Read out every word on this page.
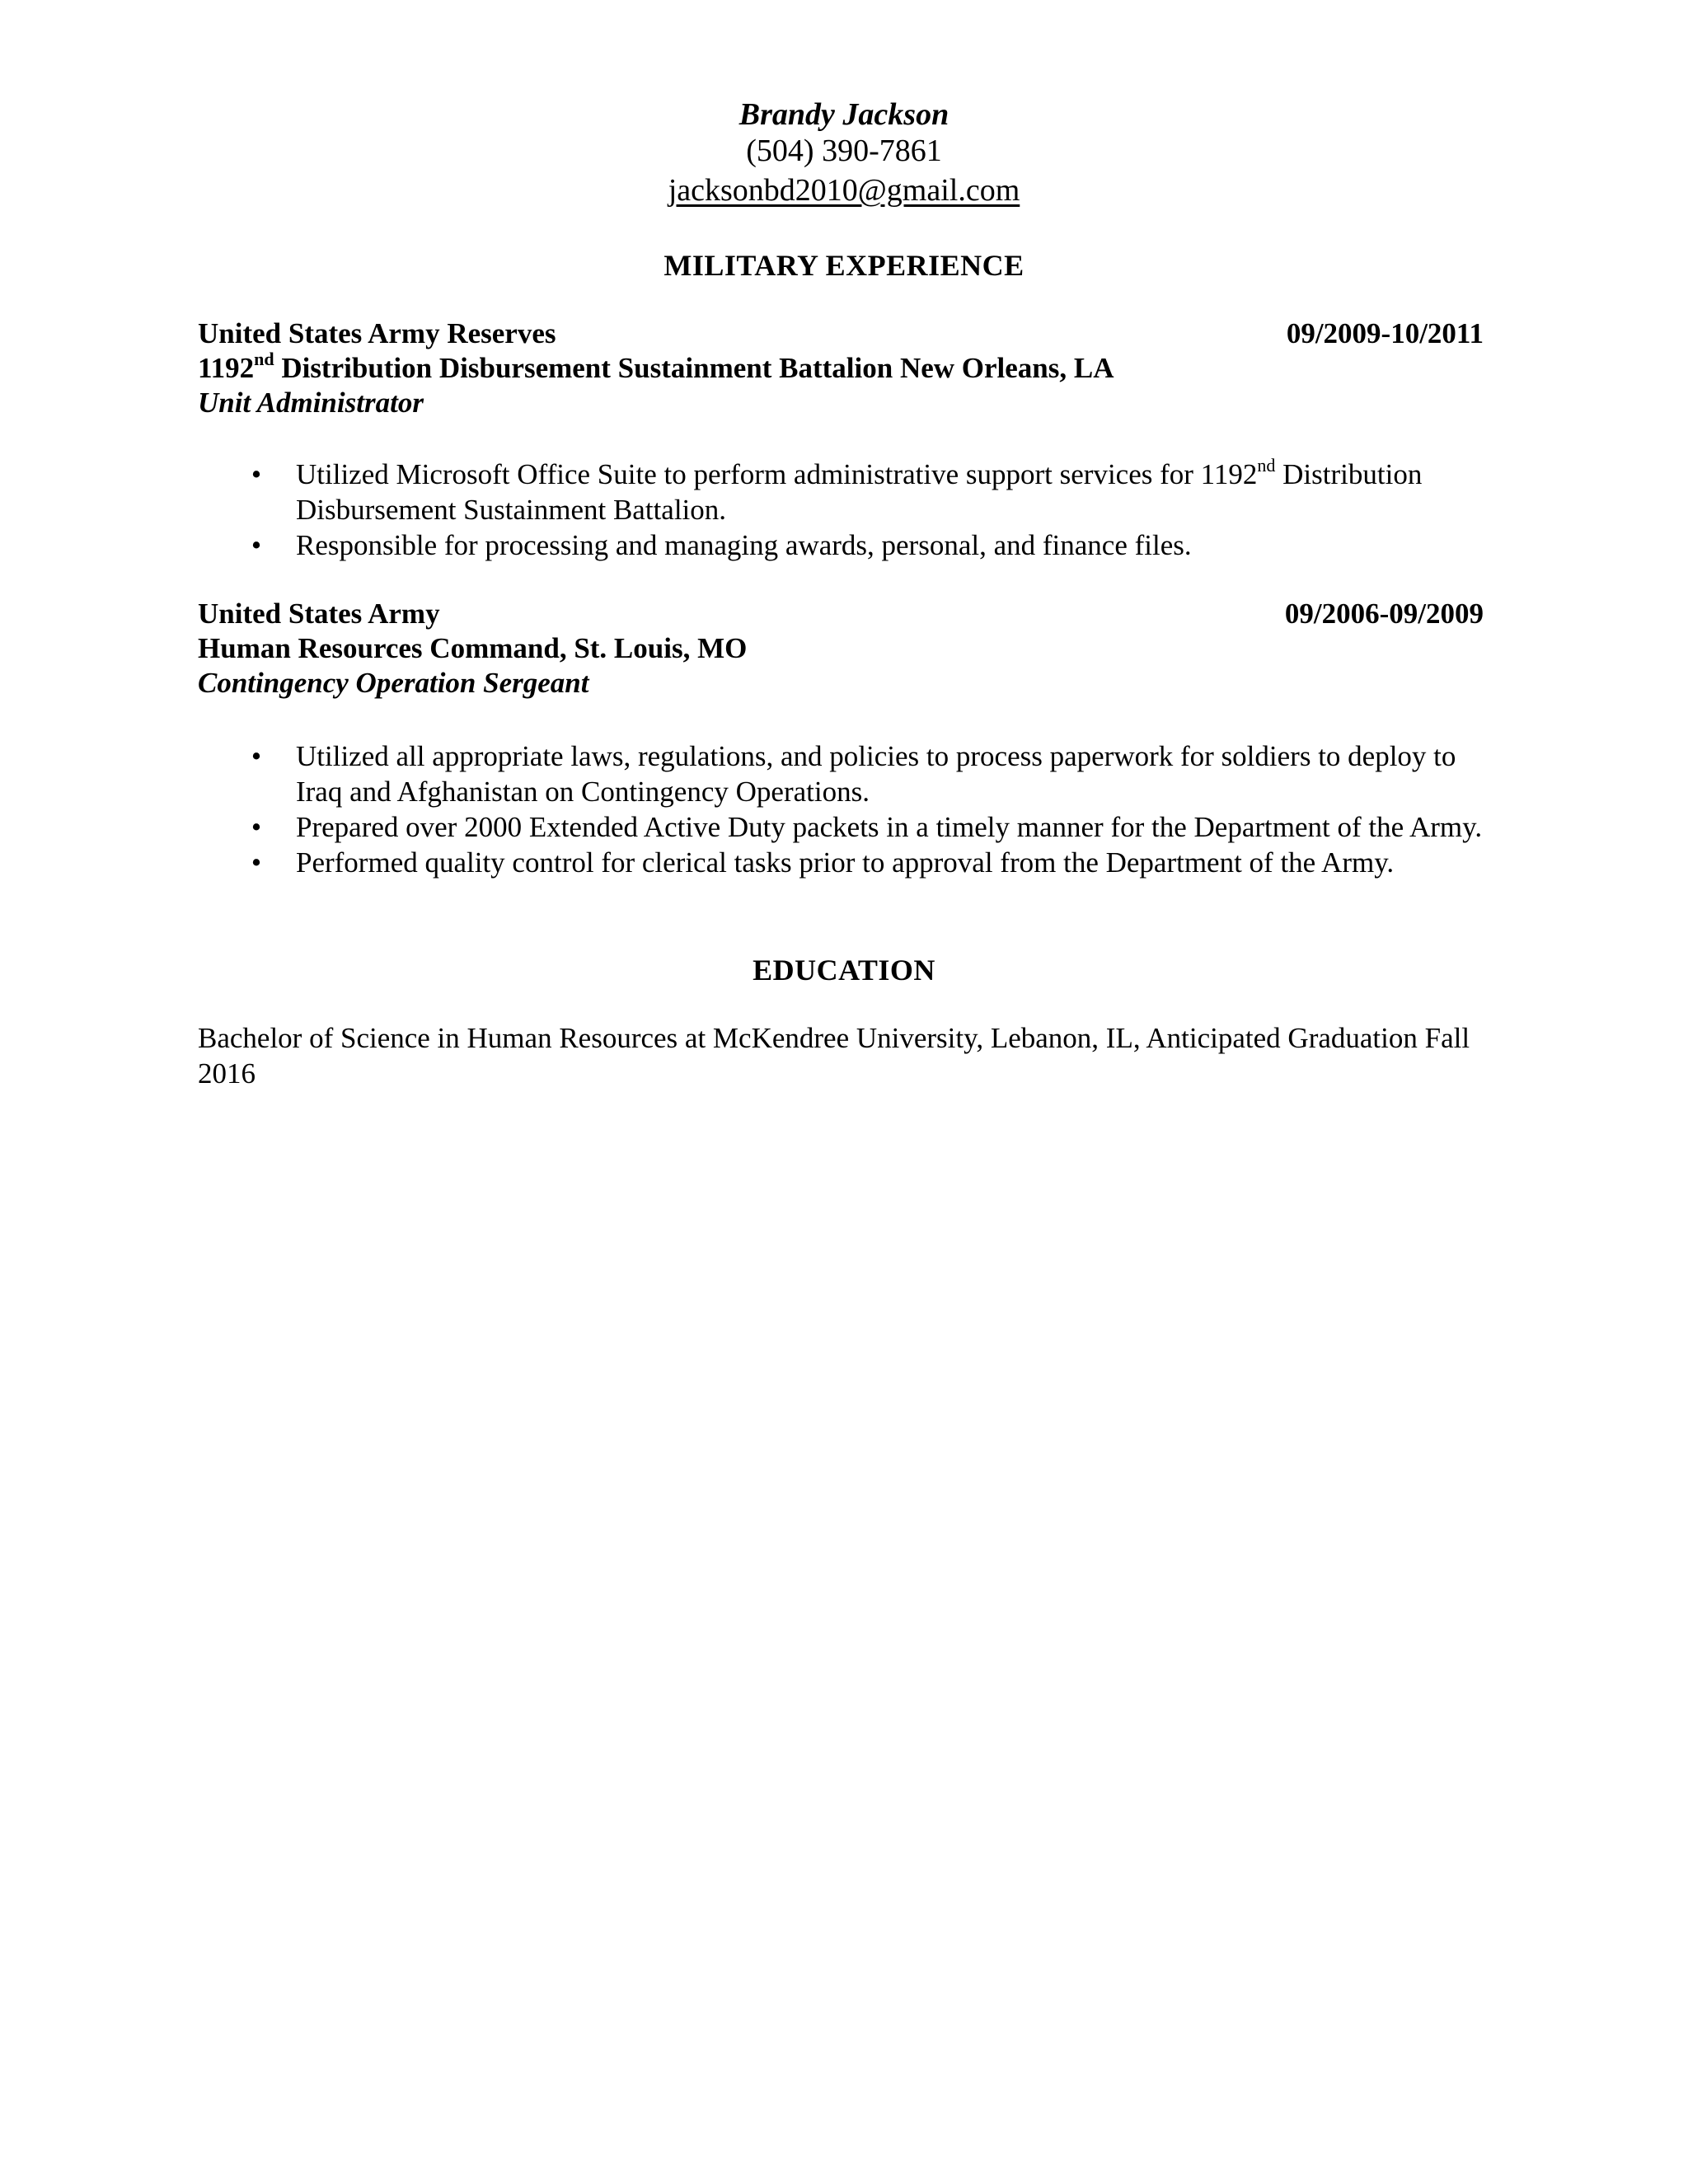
Brandy Jackson
(504) 390-7861
jacksonbd2010@gmail.com
MILITARY EXPERIENCE
United States Army Reserves	09/2009-10/2011
1192nd Distribution Disbursement Sustainment Battalion New Orleans, LA
Unit Administrator

• Utilized Microsoft Office Suite to perform administrative support services for 1192nd Distribution Disbursement Sustainment Battalion.

• Responsible for processing and managing awards, personal, and finance files.

United States Army	09/2006-09/2009
Human Resources Command, St. Louis, MO
Contingency Operation Sergeant

• Utilized all appropriate laws, regulations, and policies to process paperwork for soldiers to deploy to Iraq and Afghanistan on Contingency Operations.

• Prepared over 2000 Extended Active Duty packets in a timely manner for the Department of the Army.

• Performed quality control for clerical tasks prior to approval from the Department of the Army.

EDUCATION
Bachelor of Science in Human Resources at McKendree University, Lebanon, IL, Anticipated Graduation Fall 2016
